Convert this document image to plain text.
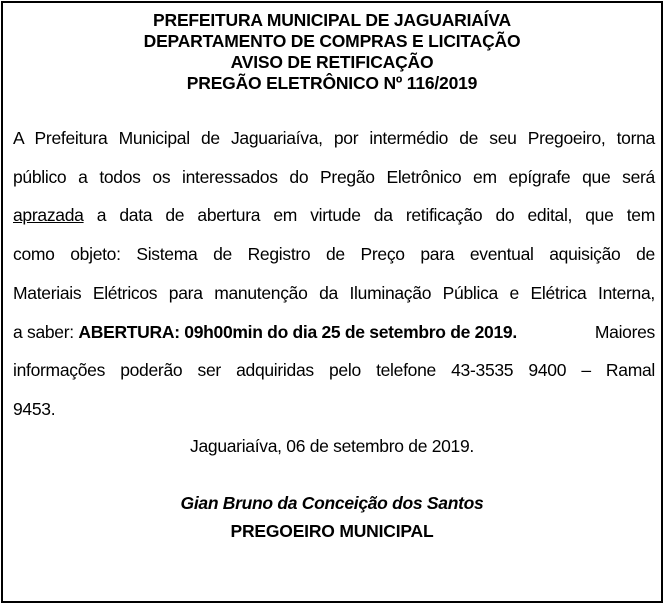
PREFEITURA MUNICIPAL DE JAGUARIAÍVA
DEPARTAMENTO DE COMPRAS E LICITAÇÃO
AVISO DE RETIFICAÇÃO
PREGÃO ELETRÔNICO Nº 116/2019
A Prefeitura Municipal de Jaguariaíva, por intermédio de seu Pregoeiro, torna
público a todos os interessados do Pregão Eletrônico em epígrafe que será
aprazada a data de abertura em virtude da retificação do edital, que tem
como objeto: Sistema de Registro de Preço para eventual aquisição de
Materiais Elétricos para manutenção da Iluminação Pública e Elétrica Interna,
a saber: ABERTURA: 09h00min do dia 25 de setembro de 2019.	Maiores
informações poderão ser adquiridas pelo telefone 43-3535 9400 – Ramal
9453.
Jaguariaíva, 06 de setembro de 2019.
Gian Bruno da Conceição dos Santos
PREGOEIRO MUNICIPAL
